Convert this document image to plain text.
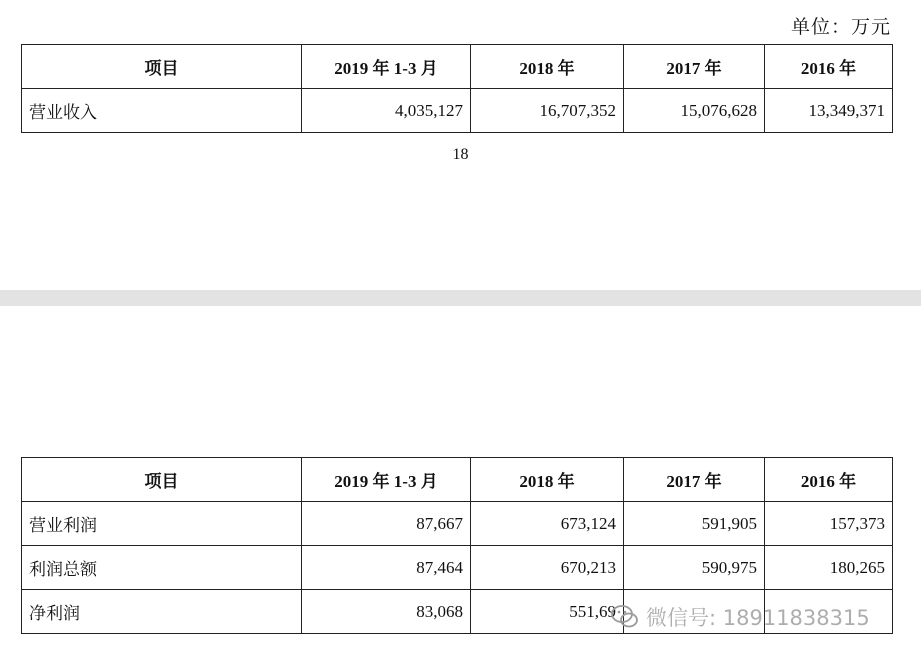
单位：万元
项目	2019 年 1-3 月	2018 年	2017 年	2016 年
营业收入	4,035,127	16,707,352	15,076,628	13,349,371
18
项目	2019 年 1-3 月	2018 年	2017 年	2016 年
营业利润	87,667	673,124	591,905	157,373
利润总额	87,464	670,213	590,975	180,265
净利润	83,068	551,69		微信号: 18911838315
